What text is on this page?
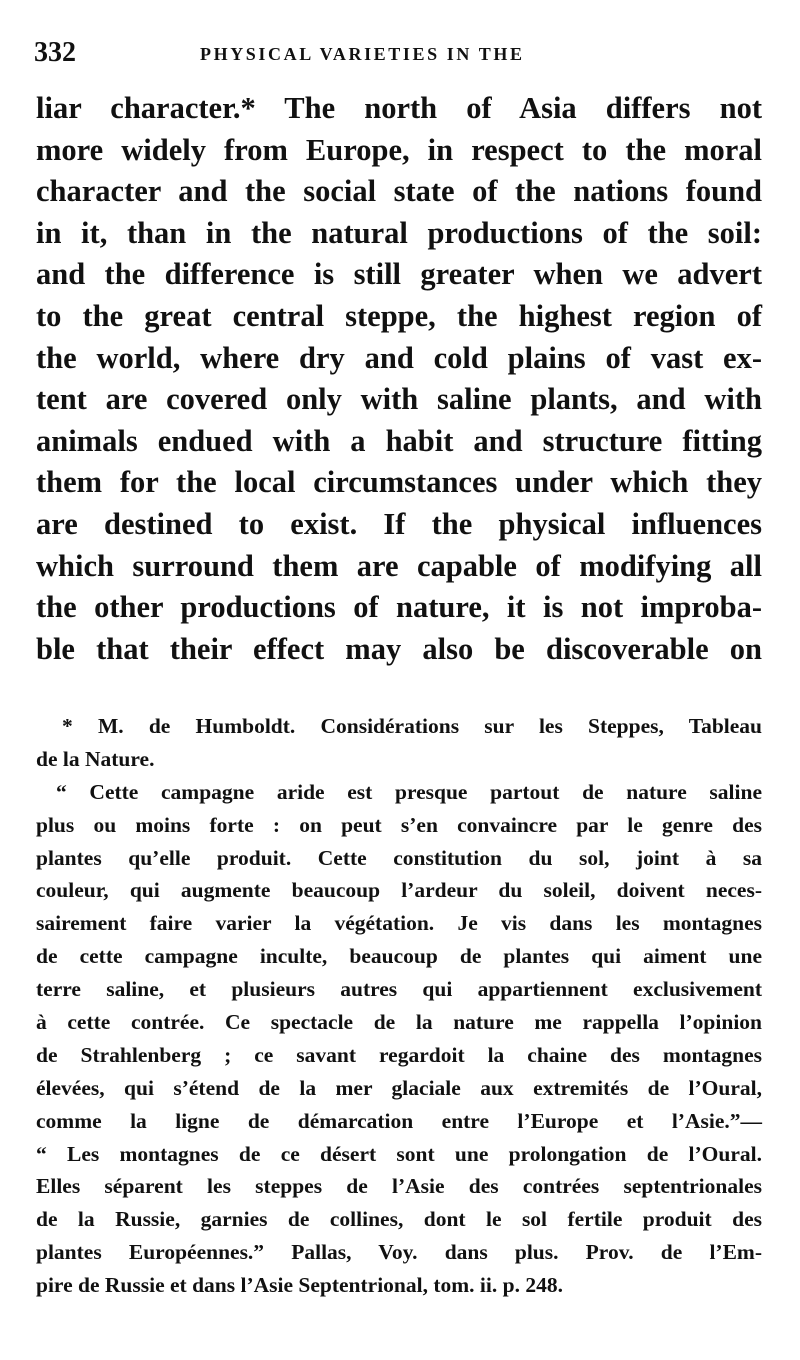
332	PHYSICAL VARIETIES IN THE
liar character.* The north of Asia differs not
more widely from Europe, in respect to the moral
character and the social state of the nations found
in it, than in the natural productions of the soil:
and the difference is still greater when we advert
to the great central steppe, the highest region of
the world, where dry and cold plains of vast ex-
tent are covered only with saline plants, and with
animals endued with a habit and structure fitting
them for the local circumstances under which they
are destined to exist. If the physical influences
which surround them are capable of modifying all
the other productions of nature, it is not improba-
ble that their effect may also be discoverable on
* M. de Humboldt. Considérations sur les Steppes, Tableau
de la Nature.
“ Cette campagne aride est presque partout de nature saline
plus ou moins forte : on peut s’en convaincre par le genre des
plantes qu’elle produit. Cette constitution du sol, joint à sa
couleur, qui augmente beaucoup l’ardeur du soleil, doivent neces-
sairement faire varier la végétation. Je vis dans les montagnes
de cette campagne inculte, beaucoup de plantes qui aiment une
terre saline, et plusieurs autres qui appartiennent exclusivement
à cette contrée. Ce spectacle de la nature me rappella l’opinion
de Strahlenberg ; ce savant regardoit la chaine des montagnes
élevées, qui s’étend de la mer glaciale aux extremités de l’Oural,
comme la ligne de démarcation entre l’Europe et l’Asie.”—
“ Les montagnes de ce désert sont une prolongation de l’Oural.
Elles séparent les steppes de l’Asie des contrées septentrionales
de la Russie, garnies de collines, dont le sol fertile produit des
plantes Européennes.” Pallas, Voy. dans plus. Prov. de l’Em-
pire de Russie et dans l’Asie Septentrional, tom. ii. p. 248.
